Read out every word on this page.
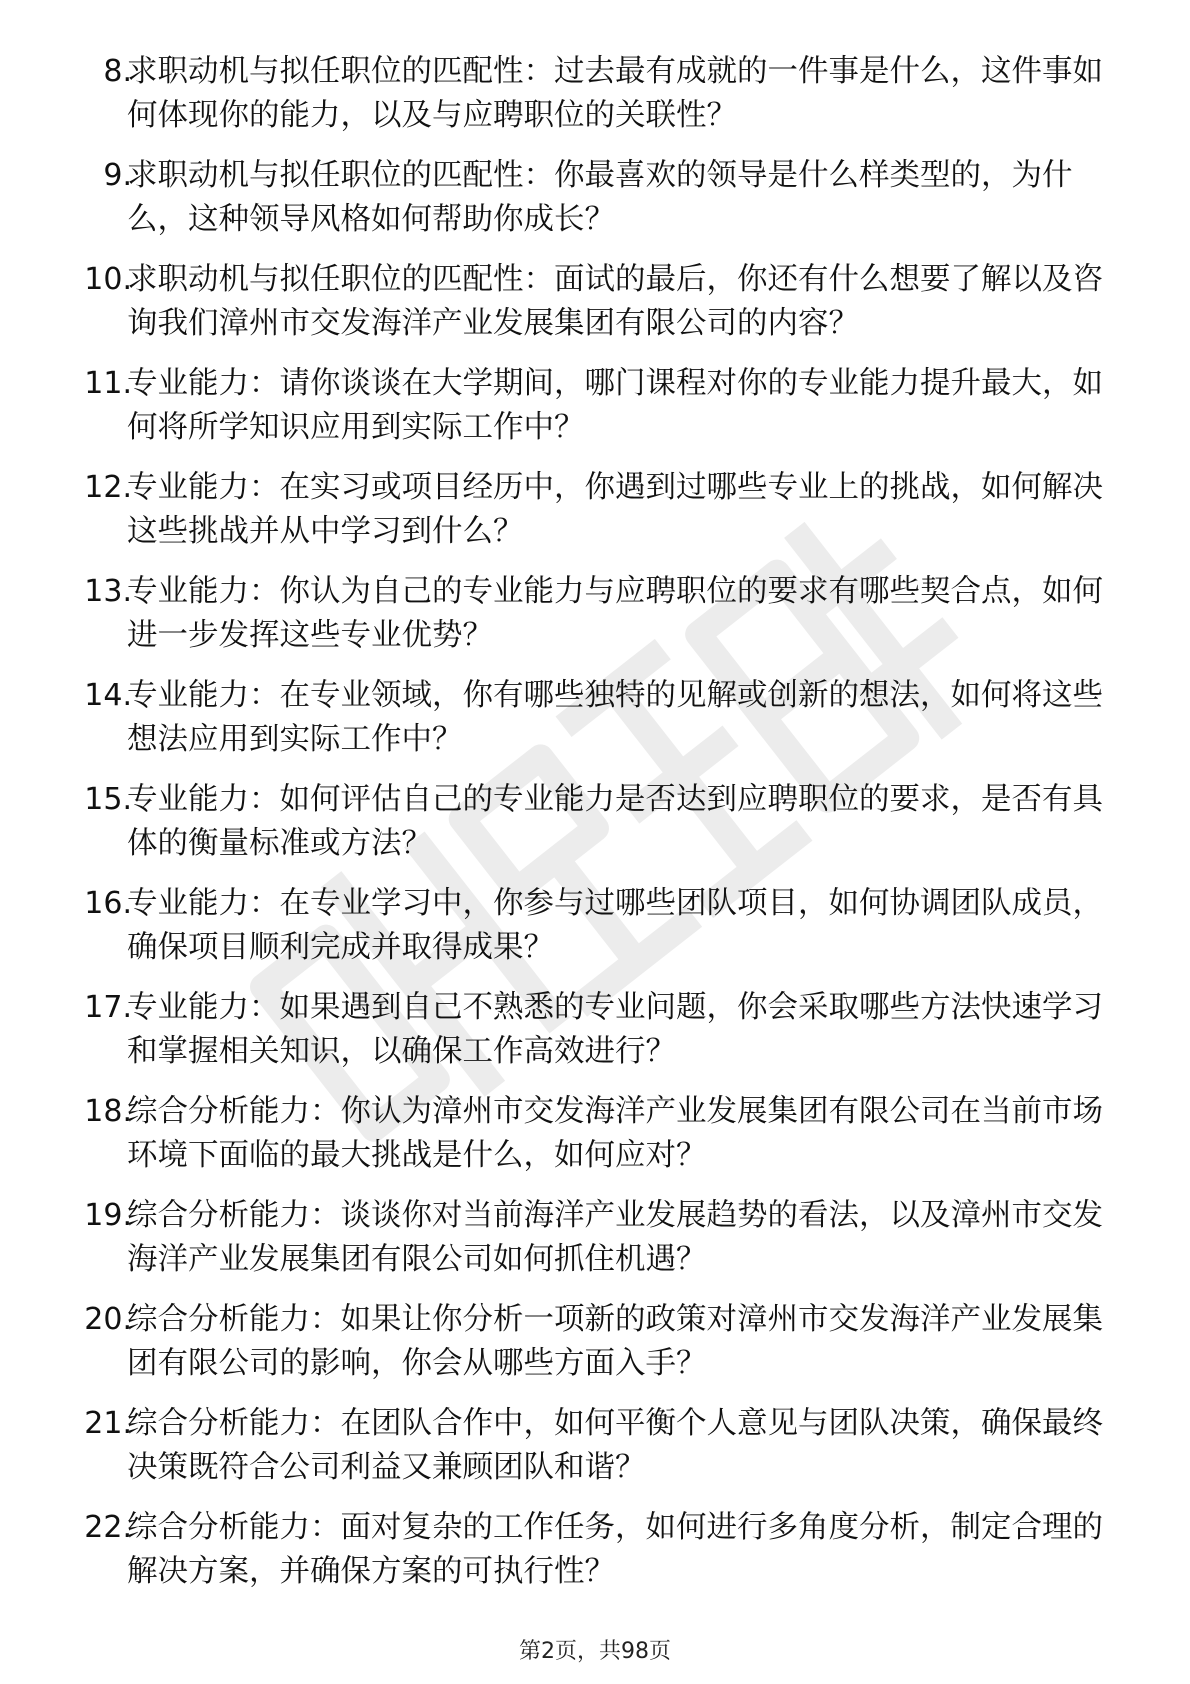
8.
求职动机与拟任职位的匹配性：过去最有成就的一件事是什么，这件事如何体现你的能力，以及与应聘职位的关联性？
9.
求职动机与拟任职位的匹配性：你最喜欢的领导是什么样类型的，为什么，这种领导风格如何帮助你成长？
10.
求职动机与拟任职位的匹配性：面试的最后，你还有什么想要了解以及咨询我们漳州市交发海洋产业发展集团有限公司的内容？
11.
专业能力：请你谈谈在大学期间，哪门课程对你的专业能力提升最大，如何将所学知识应用到实际工作中？
12.
专业能力：在实习或项目经历中，你遇到过哪些专业上的挑战，如何解决这些挑战并从中学习到什么？
13.
专业能力：你认为自己的专业能力与应聘职位的要求有哪些契合点，如何进一步发挥这些专业优势？
14.
专业能力：在专业领域，你有哪些独特的见解或创新的想法，如何将这些想法应用到实际工作中？
15.
专业能力：如何评估自己的专业能力是否达到应聘职位的要求，是否有具体的衡量标准或方法？
16.
专业能力：在专业学习中，你参与过哪些团队项目，如何协调团队成员，确保项目顺利完成并取得成果？
17.
专业能力：如果遇到自己不熟悉的专业问题，你会采取哪些方法快速学习和掌握相关知识，以确保工作高效进行？
18.
综合分析能力：你认为漳州市交发海洋产业发展集团有限公司在当前市场环境下面临的最大挑战是什么，如何应对？
19.
综合分析能力：谈谈你对当前海洋产业发展趋势的看法，以及漳州市交发海洋产业发展集团有限公司如何抓住机遇？
20.
综合分析能力：如果让你分析一项新的政策对漳州市交发海洋产业发展集团有限公司的影响，你会从哪些方面入手？
21.
综合分析能力：在团队合作中，如何平衡个人意见与团队决策，确保最终决策既符合公司利益又兼顾团队和谐？
22.
综合分析能力：面对复杂的工作任务，如何进行多角度分析，制定合理的解决方案，并确保方案的可执行性？
第2页，共98页
